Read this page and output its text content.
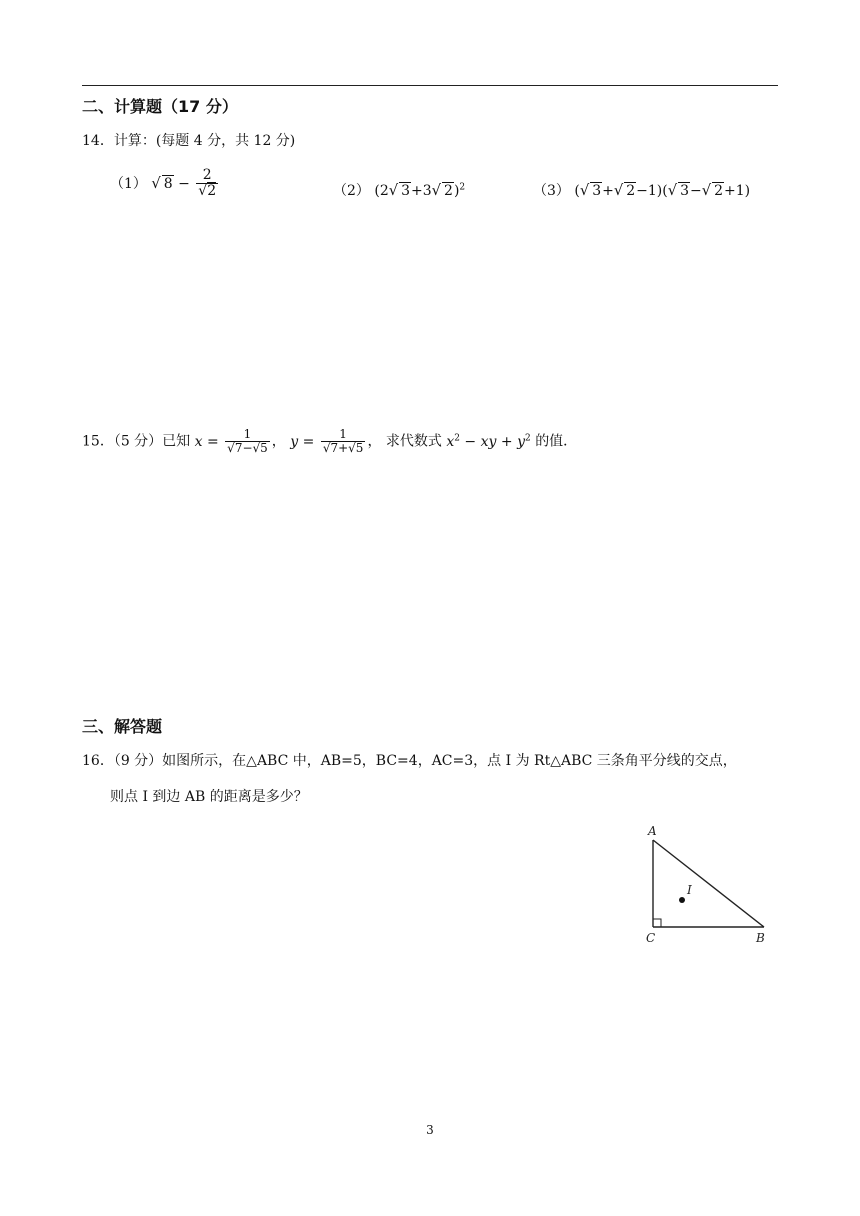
二、计算题（17 分）
14．计算：(每题 4 分，共 12 分)
（1） √ $8 - \frac{2}{√2}$	（2） (2√ 3+3√ 2)$^2$	（3） (√ 3+√ 2−1)(√ 3−√ 2+1)
15．（5 分）已知 $x = \frac{1}{√7-√5}$ ， $y = \frac{1}{√7+√5}$ ， 求代数式 $x^2$ − xy + $y^2$ 的值．
三、解答题
16．（9 分）如图所示，在△ABC 中，AB=5，BC=4，AC=3，点 I 为 Rt△ABC 三条角平分线的交点，
则点 I 到边 AB 的距离是多少？
A
C	B
I
3
